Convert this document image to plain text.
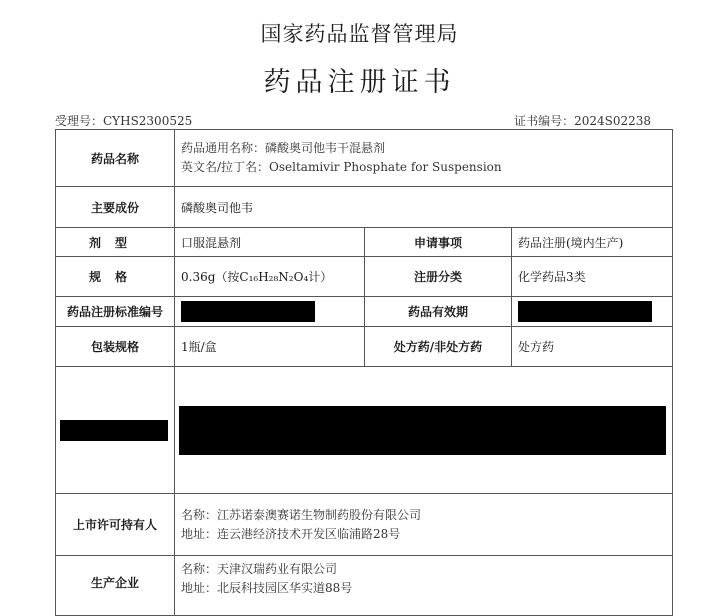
国家药品监督管理局
药品注册证书
受理号：CYHS2300525	证书编号：2024S02238
药品名称	药品通用名称：磷酸奥司他韦干混悬剂
英文名/拉丁名：Oseltamivir Phosphate for Suspension		

主要成份	磷酸奥司他韦		
剂型	口服混悬剂	申请事项	药品注册(境内生产)
规格	0.36g（按C₁₆H₂₈N₂O₄计）	注册分类	化学药品3类
药品注册标准编号		药品有效期	

包装规格	1瓶/盒	处方药/非处方药	处方药

上市许可持有人	名称：江苏诺泰澳赛诺生物制药股份有限公司
地址：连云港经济技术开发区临浦路28号		

生产企业	名称：天津汉瑞药业有限公司
地址：北辰科技园区华实道88号		
